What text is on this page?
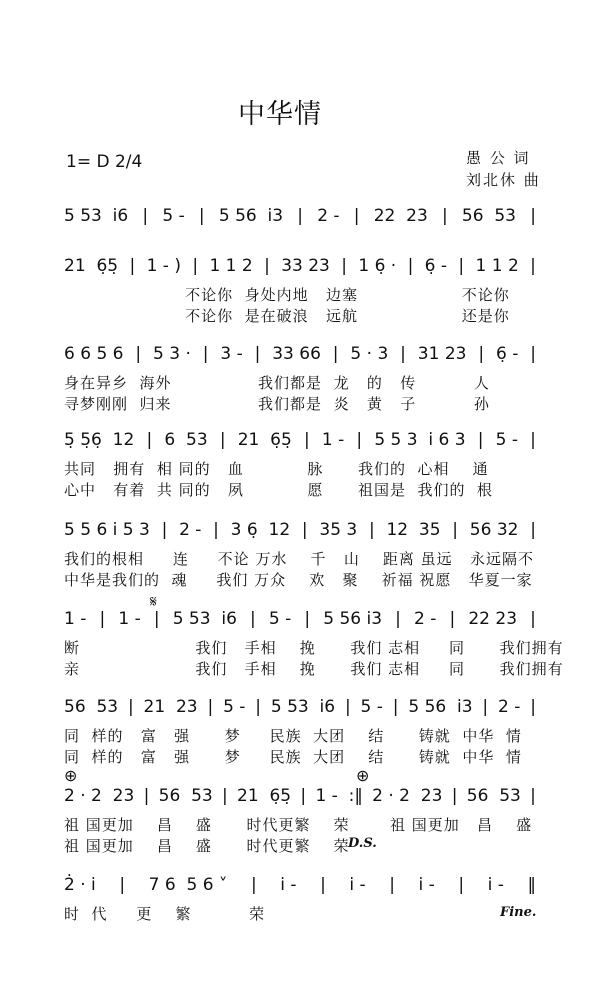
中华情
1= D 2/4	愚 公 词
刘北休 曲
5 53  i̇6 | 5 - | 5 56  i̇3 | 2 - | 22  23 | 56  53 |
21  6̣5̣ | 1 - ) | 1 1 2 | 33 23 | 1 6̣ · | 6̣ - | 1 1 2 |
不论你  身处内地   边塞                  不论你
不论你  是在破浪   远航                  还是你
6 6 5 6 | 5 3 · | 3 - | 33 66 | 5 · 3 | 31 23 | 6̣ - |
身在异乡  海外               我们都是  龙   的   传          人
寻梦刚刚  归来               我们都是  炎   黄   子          孙
5̣ 5̣6̣  12 | 6  53 | 21  6̣5̣ | 1 - | 5 5 3  i̇ 6 3 | 5 - |
共同   拥有  相 同的   血           脉      我们的  心相    通
心中   有着  共 同的   夙           愿      祖国是  我们的  根
5 5 6 i̇ 5 3 | 2 - | 3 6̣  12 | 35 3 | 12  35 | 56 32 |
我们的根相     连     不论 万水    千   山    距离 虽远   永远隔不
中华是我们的  魂     我们 万众    欢   聚    祈福 祝愿   华夏一家
1 - | 1 - | 5 53  i̇6 | 5 - | 5 56 i̇3 | 2 - | 22 23 |
断                    我们   手相    挽      我们 志相     同      我们拥有
亲                    我们   手相    挽      我们 志相     同      我们拥有
56  53 | 21  23 | 5 - | 5 53  i̇6 | 5 - | 5 56  i̇3 | 2 - |
同  样的   富   强      梦     民族  大团    结      铸就  中华  情
同  样的   富   强      梦     民族  大团    结      铸就  中华  情
2 · 2  23 | 56  53 | 21  6̣5̣ | 1 -  :‖ 2 · 2  23 | 56  53 |
祖 国更加    昌    盛      时代更繁    荣       祖 国更加   昌    盛
祖 国更加    昌    盛      时代更繁    荣
2̇ · i̇ | 7 6  5 6 ˅ | i̇ - | i̇ - | i̇ - | i̇ - ‖
时  代     更    繁          荣
𝄋
⊕	⊕
D.S.
Fine.
